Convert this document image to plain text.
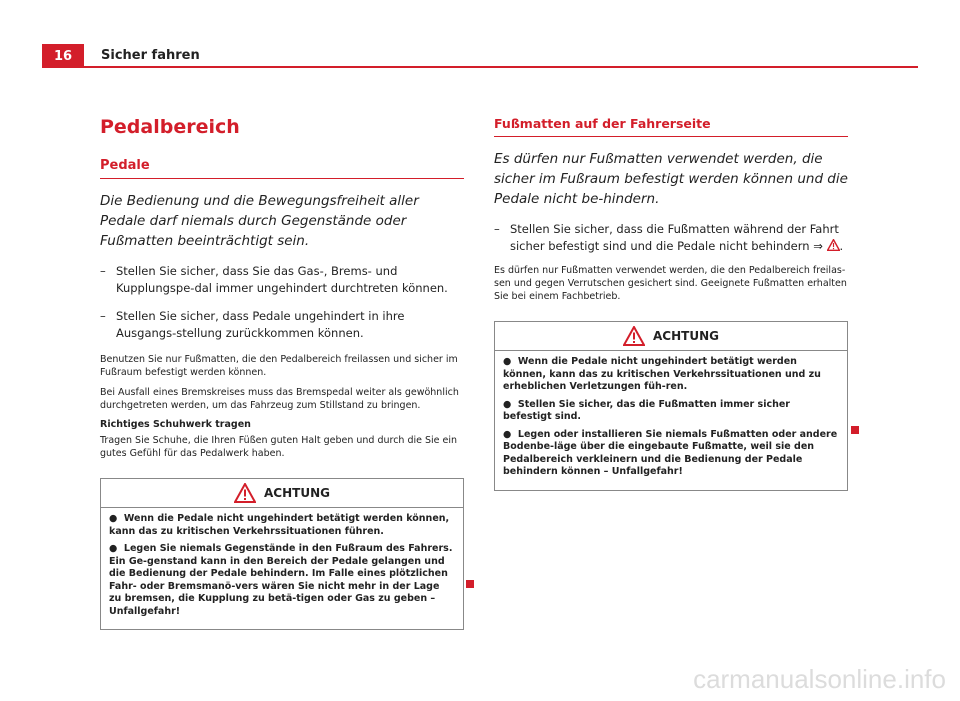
16	Sicher fahren
Pedalbereich
Pedale
Die Bedienung und die Bewegungsfreiheit aller Pedale darf niemals durch Gegenstände oder Fußmatten beeinträchtigt sein.
– Stellen Sie sicher, dass Sie das Gas-, Brems- und Kupplungspe-dal immer ungehindert durchtreten können.
– Stellen Sie sicher, dass Pedale ungehindert in ihre Ausgangs-stellung zurückkommen können.
Benutzen Sie nur Fußmatten, die den Pedalbereich freilassen und sicher im Fußraum befestigt werden können.
Bei Ausfall eines Bremskreises muss das Bremspedal weiter als gewöhnlich durchgetreten werden, um das Fahrzeug zum Stillstand zu bringen.
Richtiges Schuhwerk tragen
Tragen Sie Schuhe, die Ihren Füßen guten Halt geben und durch die Sie ein gutes Gefühl für das Pedalwerk haben.
ACHTUNG
●  Wenn die Pedale nicht ungehindert betätigt werden können, kann das zu kritischen Verkehrssituationen führen.
●  Legen Sie niemals Gegenstände in den Fußraum des Fahrers. Ein Ge-genstand kann in den Bereich der Pedale gelangen und die Bedienung der Pedale behindern. Im Falle eines plötzlichen Fahr- oder Bremsmanö-vers wären Sie nicht mehr in der Lage zu bremsen, die Kupplung zu betä-tigen oder Gas zu geben – Unfallgefahr!
Fußmatten auf der Fahrerseite
Es dürfen nur Fußmatten verwendet werden, die sicher im Fußraum befestigt werden können und die Pedale nicht be-hindern.
– Stellen Sie sicher, dass die Fußmatten während der Fahrt sicher befestigt sind und die Pedale nicht behindern ⇒ .
Es dürfen nur Fußmatten verwendet werden, die den Pedalbereich freilas-sen und gegen Verrutschen gesichert sind. Geeignete Fußmatten erhalten Sie bei einem Fachbetrieb.
ACHTUNG
●  Wenn die Pedale nicht ungehindert betätigt werden können, kann das zu kritischen Verkehrssituationen und zu erheblichen Verletzungen füh-ren.
●  Stellen Sie sicher, das die Fußmatten immer sicher befestigt sind.
●  Legen oder installieren Sie niemals Fußmatten oder andere Bodenbe-läge über die eingebaute Fußmatte, weil sie den Pedalbereich verkleinern und die Bedienung der Pedale behindern können – Unfallgefahr!
carmanualsonline.info
